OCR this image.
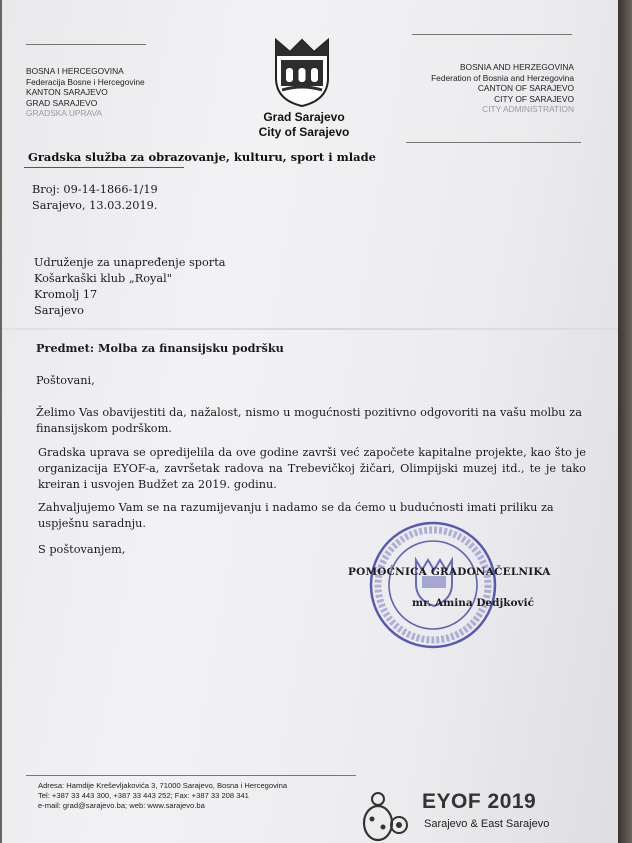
BOSNA I HERCEGOVINA
Federacija Bosne i Hercegovine
KANTON SARAJEVO
GRAD SARAJEVO
GRADSKA UPRAVA	Grad Sarajevo
City of Sarajevo
BOSNIA AND HERZEGOVINA
Federation of Bosnia and Herzegovina
CANTON OF SARAJEVO
CITY OF SARAJEVO
CITY ADMINISTRATION
Gradska služba za obrazovanje, kulturu, sport i mlade
Broj: 09-14-1866-1/19
Sarajevo, 13.03.2019.
Udruženje za unapređenje sporta
Košarkaški klub „Royal"
Kromolj 17
Sarajevo
Predmet: Molba za finansijsku podršku
Poštovani,
Želimo Vas obavijestiti da, nažalost, nismo u mogućnosti pozitivno odgovoriti na vašu molbu za finansijskom podrškom.
Gradska uprava se opredijelila da ove godine završi već započete kapitalne projekte, kao što je organizacija EYOF-a, završetak radova na Trebevičkoj žičari, Olimpijski muzej itd., te je tako kreiran i usvojen Budžet za 2019. godinu.
Zahvaljujemo Vam se na razumijevanju i nadamo se da ćemo u budućnosti imati priliku za uspješnu saradnju.
S poštovanjem,
POMOĆNICA GRADONAČELNIKA
mr. Amina Dedjković
Adresa: Hamdije Kreševljakovića 3, 71000 Sarajevo, Bosna i Hercegovina
Tel: +387 33 443 300, +387 33 443 252; Fax: +387 33 208 341
e-mail: grad@sarajevo.ba; web: www.sarajevo.ba	EYOF 2019
Sarajevo & East Sarajevo
